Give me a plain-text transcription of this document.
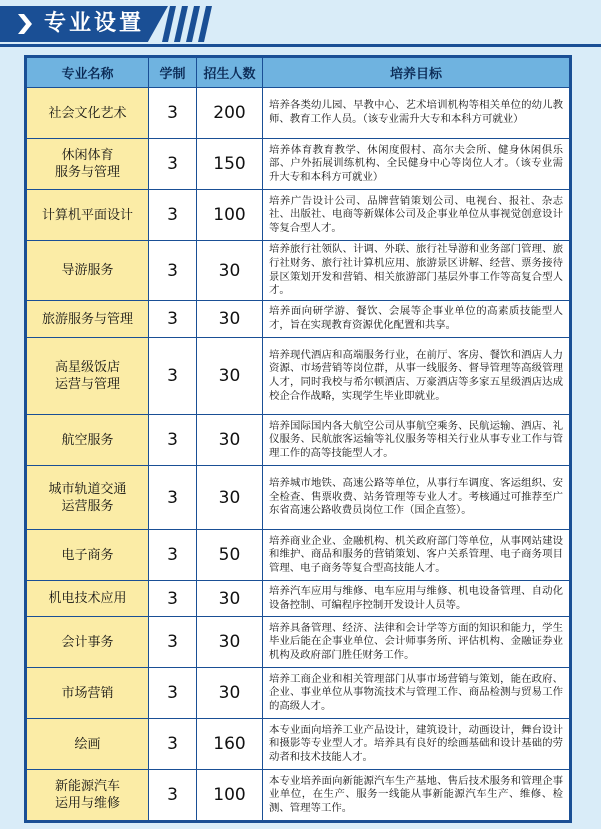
专业设置
专业名称	学制	招生人数	培养目标

社会文化艺术	3	200	培养各类幼儿园、早教中心、艺术培训机构等相关单位的幼儿教师、教育工作人员。（该专业需升大专和本科方可就业）

休闲体育
服务与管理	3	150	培养体育教育教学、休闲度假村、高尔夫会所、健身休闲俱乐部、户外拓展训练机构、全民健身中心等岗位人才。（该专业需升大专和本科方可就业）

计算机平面设计	3	100	培养广告设计公司、品牌营销策划公司、电视台、报社、杂志社、出版社、电商等新媒体公司及企事业单位从事视觉创意设计等复合型人才。

导游服务	3	30	培养旅行社领队、计调、外联、旅行社导游和业务部门管理、旅行社财务、旅行社计算机应用、旅游景区讲解、经营、票务接待景区策划开发和营销、相关旅游部门基层外事工作等高复合型人才。

旅游服务与管理	3	30	培养面向研学游、餐饮、会展等企事业单位的高素质技能型人才，旨在实现教育资源优化配置和共享。

高星级饭店
运营与管理	3	30	培养现代酒店和高端服务行业，在前厅、客房、餐饮和酒店人力资源、市场营销等岗位群，从事一线服务、督导管理等高级管理人才，同时我校与希尔顿酒店、万豪酒店等多家五星级酒店达成校企合作战略，实现学生毕业即就业。

航空服务	3	30	培养国际国内各大航空公司从事航空乘务、民航运输、酒店、礼仪服务、民航旅客运输等礼仪服务等相关行业从事专业工作与管理工作的高等技能型人才。

城市轨道交通
运营服务	3	30	培养城市地铁、高速公路等单位，从事行车调度、客运组织、安全检查、售票收费、站务管理等专业人才。考核通过可推荐至广东省高速公路收费员岗位工作（国企直签）。

电子商务	3	50	培养商业企业、金融机构、机关政府部门等单位，从事网站建设和维护、商品和服务的营销策划、客户关系管理、电子商务项目管理、电子商务等复合型高技能人才。

机电技术应用	3	30	培养汽车应用与维修、电车应用与维修、机电设备管理、自动化设备控制、可编程序控制开发设计人员等。

会计事务	3	30	培养具备管理、经济、法律和会计学等方面的知识和能力，学生毕业后能在企事业单位、会计师事务所、评估机构、金融证券业机构及政府部门胜任财务工作。

市场营销	3	30	培养工商企业和相关管理部门从事市场营销与策划，能在政府、企业、事业单位从事物流技术与管理工作、商品检测与贸易工作的高级人才。

绘画	3	160	本专业面向培养工业产品设计，建筑设计，动画设计，舞台设计和摄影等专业型人才。培养具有良好的绘画基础和设计基础的劳动者和技术技能人才。

新能源汽车
运用与维修	3	100	本专业培养面向新能源汽车生产基地、售后技术服务和管理企事业单位，在生产、服务一线能从事新能源汽车生产、维修、检测、管理等工作。
